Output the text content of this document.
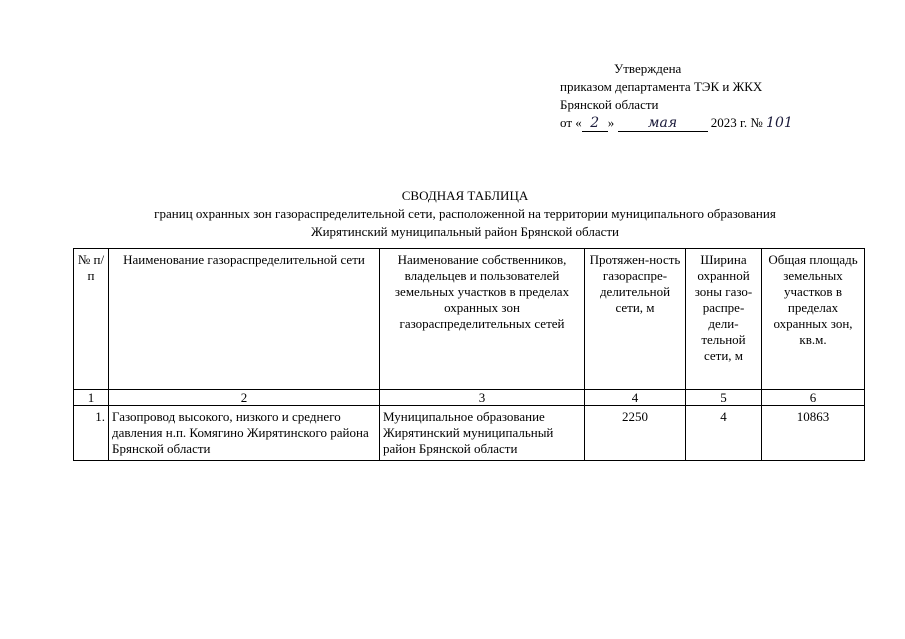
Утверждена
приказом департамента ТЭК и ЖКХ
Брянской области
от « 2 » мая	2023 г. № 101
СВОДНАЯ ТАБЛИЦА
границ охранных зон газораспределительной сети, расположенной на территории муниципального образования
Жирятинский муниципальный район Брянской области
№ п/п	Наименование газораспределительной сети	Наименование собственников, владельцев и пользователей земельных участков в пределах охранных зон газораспределительных сетей	Протяжен-ность газораспре-делительной сети, м	Ширина охранной зоны газо-распре-дели-тельной сети, м	Общая площадь земельных участков в пределах охранных зон, кв.м.
1	2	3	4	5	6
1.	Газопровод высокого, низкого и среднего давления н.п. Комягино Жирятинского района Брянской области	Муниципальное образование Жирятинский муниципальный район Брянской области	2250	4	10863
